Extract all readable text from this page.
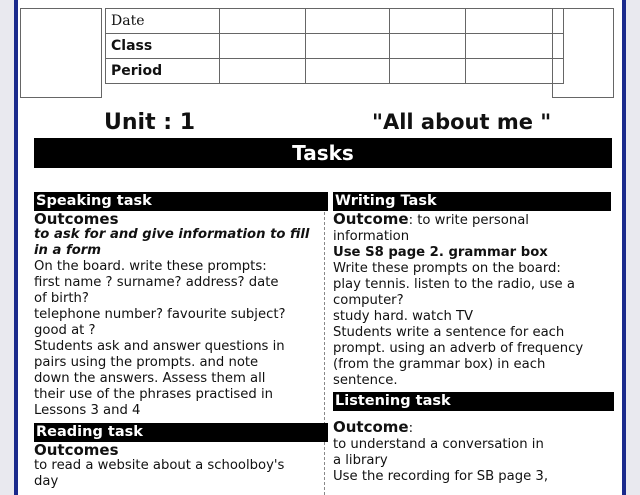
Date				
Class				
Period				
Unit : 1	"All about me "
Tasks
Speaking task
Outcomes
to ask for and give information to fill
in a form
On the board. write these prompts:
first name ? surname? address? date
of birth?
telephone number? favourite subject?
good at ?
Students ask and answer questions in
pairs using the prompts. and note
down the answers. Assess them all
their use of the phrases practised in
Lessons 3 and 4
Reading task
Outcomes
to read a website about a schoolboy's
day
Writing Task
Outcome: to write personal
information
Use S8 page 2. grammar box
Write these prompts on the board:
play tennis. listen to the radio, use a
computer?
study hard. watch TV
Students write a sentence for each
prompt. using an adverb of frequency
(from the grammar box) in each
sentence.
Listening task
Outcome:
to understand a conversation in
a library
Use the recording for SB page 3,
